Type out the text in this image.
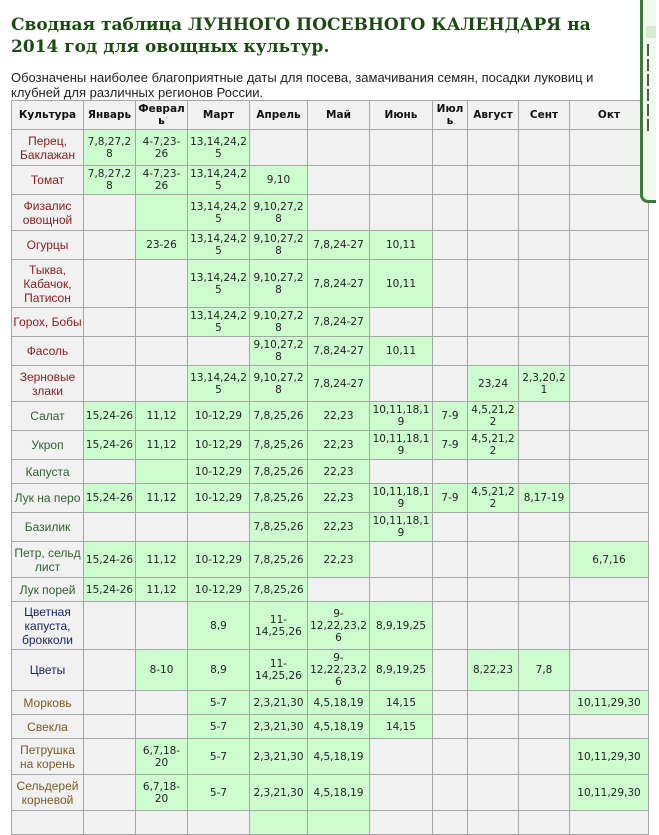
Сводная таблица ЛУННОГО ПОСЕВНОГО КАЛЕНДАРЯ на 2014 год для овощных культур.

Обозначены наиболее благоприятные даты для посева, замачивания семян, посадки луковиц и клубней для различных регионов России.

Культура	Январь	Февраль	Март	Апрель	Май	Июнь	Июль	Август	Сент	Окт
Перец, Баклажан	7,8,27,28	4-7,23-26	13,14,24,25							
Томат	7,8,27,28	4-7,23-26	13,14,24,25	9,10						
Физалис овощной			13,14,24,25	9,10,27,28						
Огурцы		23-26	13,14,24,25	9,10,27,28	7,8,24-27	10,11				
Тыква, Кабачок, Патисон			13,14,24,25	9,10,27,28	7,8,24-27	10,11				
Горох, Бобы			13,14,24,25	9,10,27,28	7,8,24-27					
Фасоль				9,10,27,28	7,8,24-27	10,11				
Зерновые злаки			13,14,24,25	9,10,27,28	7,8,24-27			23,24	2,3,20,21	
Салат	15,24-26	11,12	10-12,29	7,8,25,26	22,23	10,11,18,19	7-9	4,5,21,22		
Укроп	15,24-26	11,12	10-12,29	7,8,25,26	22,23	10,11,18,19	7-9	4,5,21,22		
Капуста			10-12,29	7,8,25,26	22,23					
Лук на перо	15,24-26	11,12	10-12,29	7,8,25,26	22,23	10,11,18,19	7-9	4,5,21,22	8,17-19	
Базилик				7,8,25,26	22,23	10,11,18,19				
Петр, сельд лист	15,24-26	11,12	10-12,29	7,8,25,26	22,23					6,7,16
Лук порей	15,24-26	11,12	10-12,29	7,8,25,26						
Цветная капуста, брокколи			8,9	11-14,25,26	9-12,22,23,26	8,9,19,25				
Цветы		8-10	8,9	11-14,25,26	9-12,22,23,26	8,9,19,25		8,22,23	7,8	
Морковь			5-7	2,3,21,30	4,5,18,19	14,15				10,11,29,30
Свекла			5-7	2,3,21,30	4,5,18,19	14,15				
Петрушка на корень		6,7,18-20	5-7	2,3,21,30	4,5,18,19					10,11,29,30
Сельдерей корневой		6,7,18-20	5-7	2,3,21,30	4,5,18,19					10,11,29,30
